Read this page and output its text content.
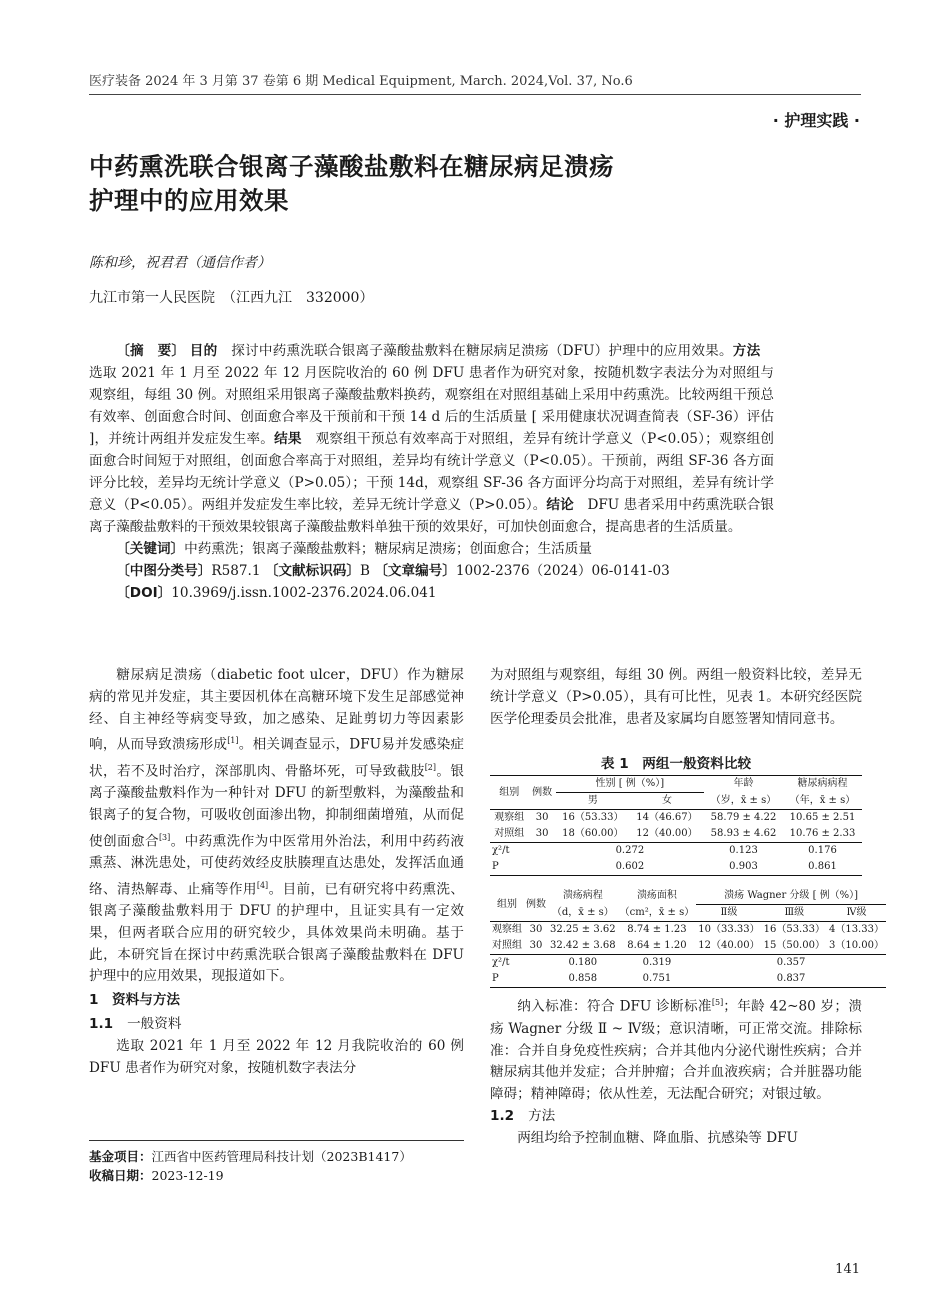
医疗装备 2024 年 3 月第 37 卷第 6 期 Medical Equipment, March. 2024,Vol. 37, No.6
· 护理实践 ·
中药熏洗联合银离子藻酸盐敷料在糖尿病足溃疡
护理中的应用效果
陈和珍，祝君君（通信作者）
九江市第一人民医院　（江西九江　332000）

〔摘　要〕 目的　探讨中药熏洗联合银离子藻酸盐敷料在糖尿病足溃疡（DFU）护理中的应用效果。方法　选取 2021 年 1 月至 2022 年 12 月医院收治的 60 例 DFU 患者作为研究对象，按随机数字表法分为对照组与观察组，每组 30 例。对照组采用银离子藻酸盐敷料换药，观察组在对照组基础上采用中药熏洗。比较两组干预总有效率、创面愈合时间、创面愈合率及干预前和干预 14 d 后的生活质量 [ 采用健康状况调查简表（SF-36）评估 ]，并统计两组并发症发生率。结果　观察组干预总有效率高于对照组，差异有统计学意义（P<0.05）；观察组创面愈合时间短于对照组，创面愈合率高于对照组，差异均有统计学意义（P<0.05）。干预前，两组 SF-36 各方面评分比较，差异均无统计学意义（P>0.05）；干预 14d，观察组 SF-36 各方面评分均高于对照组，差异有统计学意义（P<0.05）。两组并发症发生率比较，差异无统计学意义（P>0.05）。结论　DFU 患者采用中药熏洗联合银离子藻酸盐敷料的干预效果较银离子藻酸盐敷料单独干预的效果好，可加快创面愈合，提高患者的生活质量。

〔关键词〕中药熏洗；银离子藻酸盐敷料；糖尿病足溃疡；创面愈合；生活质量

〔中图分类号〕R587.1 〔文献标识码〕B 〔文章编号〕1002-2376（2024）06-0141-03

〔DOI〕10.3969/j.issn.1002-2376.2024.06.041

糖尿病足溃疡（diabetic foot ulcer，DFU）作为糖尿病的常见并发症，其主要因机体在高糖环境下发生足部感觉神经、自主神经等病变导致，加之感染、足趾剪切力等因素影响，从而导致溃疡形成[1]。相关调查显示，DFU易并发感染症状，若不及时治疗，深部肌肉、骨骼坏死，可导致截肢[2]。银离子藻酸盐敷料作为一种针对 DFU 的新型敷料，为藻酸盐和银离子的复合物，可吸收创面渗出物，抑制细菌增殖，从而促使创面愈合[3]。中药熏洗作为中医常用外治法，利用中药药液熏蒸、淋洗患处，可使药效经皮肤腠理直达患处，发挥活血通络、清热解毒、止痛等作用[4]。目前，已有研究将中药熏洗、银离子藻酸盐敷料用于 DFU 的护理中，且证实具有一定效果，但两者联合应用的研究较少，具体效果尚未明确。基于此，本研究旨在探讨中药熏洗联合银离子藻酸盐敷料在 DFU 护理中的应用效果，现报道如下。

1　资料与方法
1.1 一般资料

选取 2021 年 1 月至 2022 年 12 月我院收治的 60 例 DFU 患者作为研究对象，按随机数字表法分

为对照组与观察组，每组 30 例。两组一般资料比较，差异无统计学意义（P>0.05），具有可比性，见表 1。本研究经医院医学伦理委员会批准，患者及家属均自愿签署知情同意书。

纳入标准：符合 DFU 诊断标准[5]；年龄 42~80 岁；溃疡 Wagner 分级 Ⅱ ~ Ⅳ级；意识清晰，可正常交流。排除标准：合并自身免疫性疾病；合并其他内分泌代谢性疾病；合并糖尿病其他并发症；合并肿瘤；合并血液疾病；合并脏器功能障碍；精神障碍；依从性差，无法配合研究；对银过敏。

1.2 方法

两组均给予控制血糖、降血脂、抗感染等 DFU

表 1　两组一般资料比较
组别	例数	性别 [ 例（%）]		年龄	糖尿病病程
		男	女	（岁，x̄ ± s）	（年，x̄ ± s）
观察组	30	16（53.33）	14（46.67）	58.79 ± 4.22	10.65 ± 2.51
对照组	30	18（60.00）	12（40.00）	58.93 ± 4.62	10.76 ± 2.33
χ²/t		0.272		0.123	0.176
P		0.602		0.903	0.861
组别	例数	溃疡病程	溃疡面积	溃疡 Wagner 分级 [ 例（%）]		
		（d，x̄ ± s）	（cm²，x̄ ± s）	Ⅱ级	Ⅲ级	Ⅳ级
观察组	30	32.25 ± 3.62	8.74 ± 1.23	10（33.33）	16（53.33）	4（13.33）
对照组	30	32.42 ± 3.68	8.64 ± 1.20	12（40.00）	15（50.00）	3（10.00）
χ²/t		0.180	0.319	0.357		
P		0.858	0.751	0.837		
基金项目：江西省中医药管理局科技计划（2023B1417）
收稿日期：2023-12-19
141
